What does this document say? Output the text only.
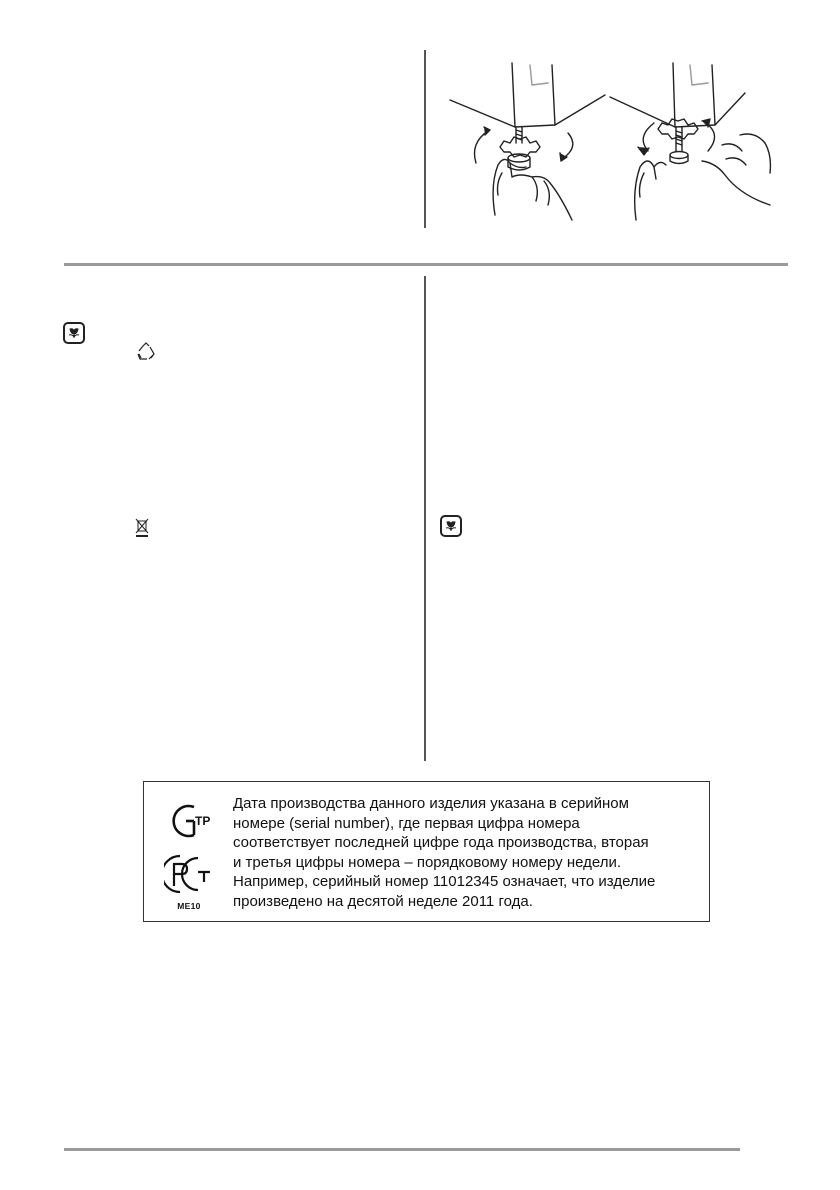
ТР
МЕ10
Дата производства данного изделия указана в серийном
номере (serial number), где первая цифра номера
соответствует последней цифре года производства, вторая
и третья цифры номера – порядковому номеру недели.
Например, серийный номер 11012345 означает, что изделие
произведено на десятой неделе 2011 года.
